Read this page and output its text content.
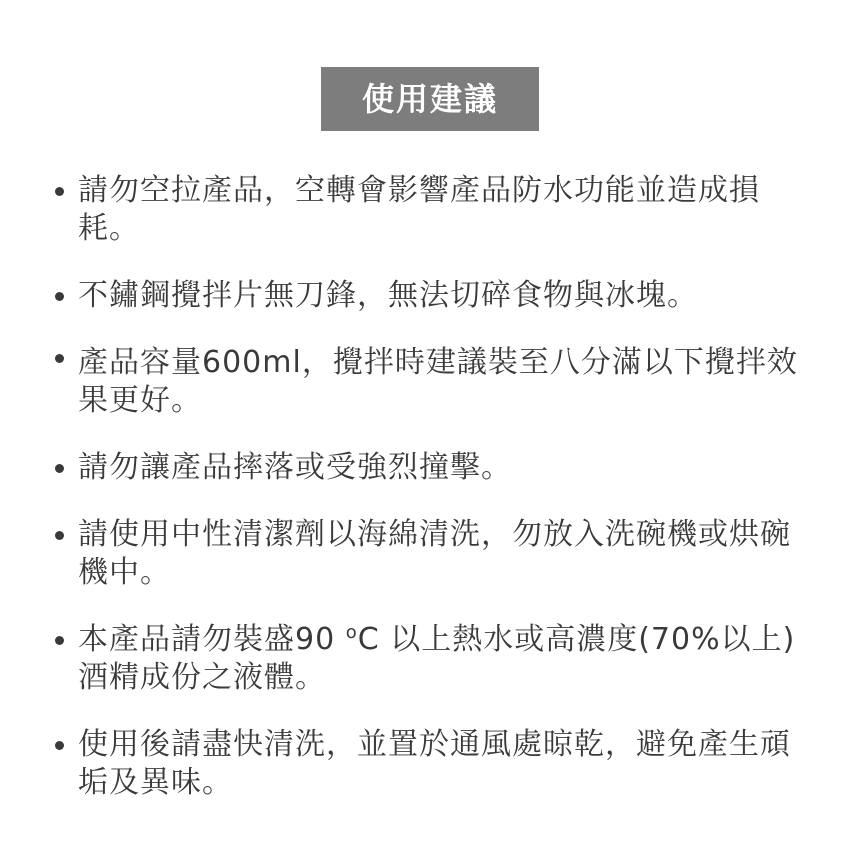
使用建議
請勿空拉產品，空轉會影響產品防水功能並造成損耗。
不鏽鋼攪拌片無刀鋒，無法切碎食物與冰塊。
產品容量600ml，攪拌時建議裝至八分滿以下攪拌效果更好。
請勿讓產品摔落或受強烈撞擊。
請使用中性清潔劑以海綿清洗，勿放入洗碗機或烘碗機中。
本產品請勿裝盛90 $^o$C 以上熱水或高濃度(70%以上)酒精成份之液體。
使用後請盡快清洗，並置於通風處晾乾，避免產生頑垢及異味。
